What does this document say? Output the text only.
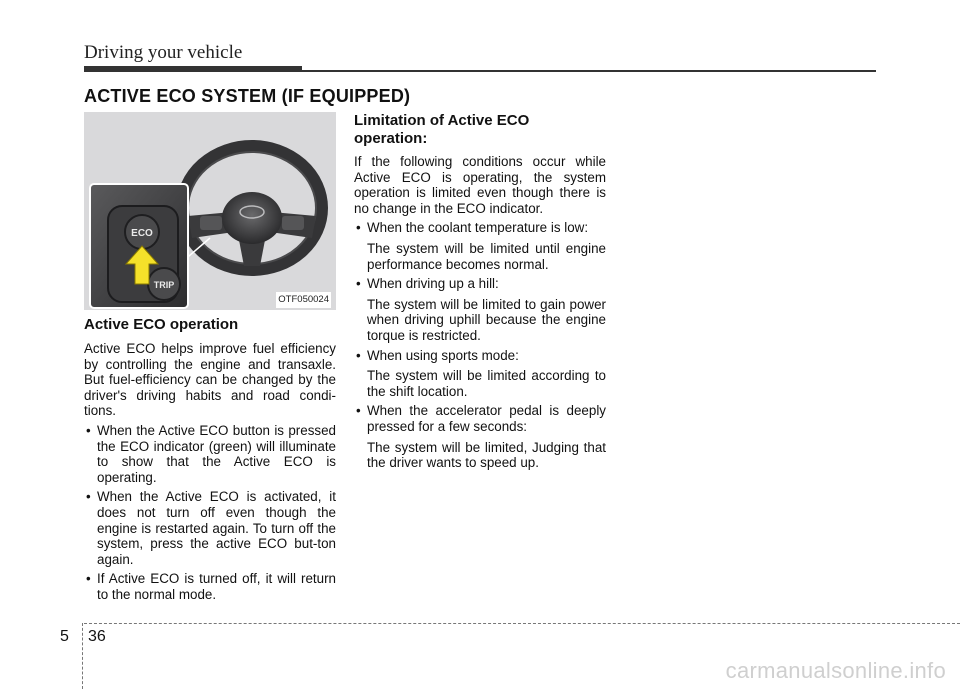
Driving your vehicle
ACTIVE ECO SYSTEM (IF EQUIPPED)
ECO
TRIP
OTF050024
Active ECO operation

Active ECO helps improve fuel efficiency by controlling the engine and transaxle. But fuel-efficiency can be changed by the driver's driving habits and road condi-tions.

• When the Active ECO button is pressed the ECO indicator (green) will illuminate to show that the Active ECO is operating.
• When the Active ECO is activated, it does not turn off even though the engine is restarted again. To turn off the system, press the active ECO but-ton again.
• If Active ECO is turned off, it will return to the normal mode.
Limitation of Active ECO operation:

If the following conditions occur while Active ECO is operating, the system operation is limited even though there is no change in the ECO indicator.

• When the coolant temperature is low:
The system will be limited until engine performance becomes normal.
• When driving up a hill:
The system will be limited to gain power when driving uphill because the engine torque is restricted.
• When using sports mode:
The system will be limited according to the shift location.
• When the accelerator pedal is deeply pressed for a few seconds:
The system will be limited, Judging that the driver wants to speed up.
5 36
carmanualsonline.info
